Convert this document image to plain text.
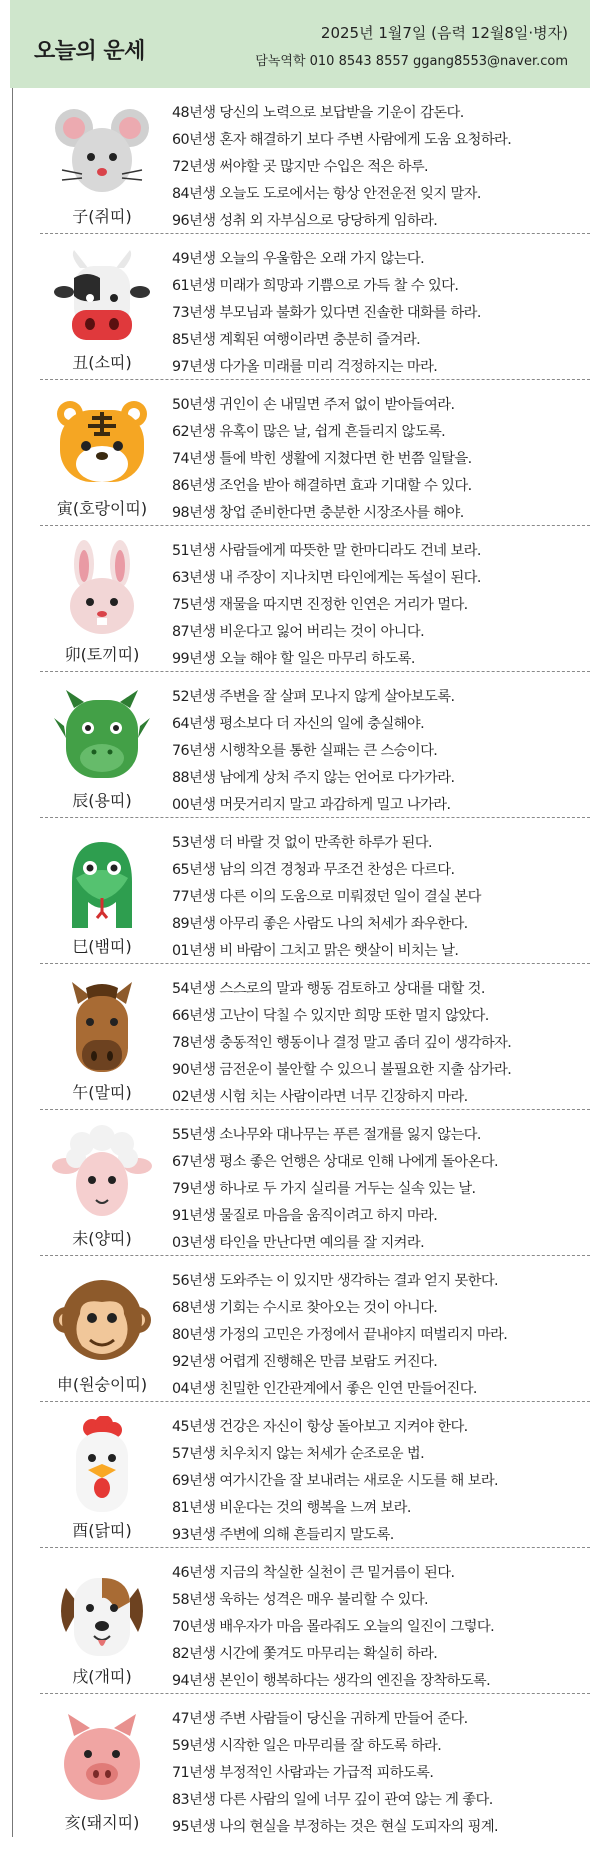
오늘의 운세
2025년 1월7일 (음력 12월8일·병자)
담녹역학 010 8543 8557 ggang8553@naver.com
子(쥐띠)
48년생 당신의 노력으로 보답받을 기운이 감돈다.
60년생 혼자 해결하기 보다 주변 사람에게 도움 요청하라.
72년생 써야할 곳 많지만 수입은 적은 하루.
84년생 오늘도 도로에서는 항상 안전운전 잊지 말자.
96년생 성취 외 자부심으로 당당하게 임하라.
丑(소띠)
49년생 오늘의 우울함은 오래 가지 않는다.
61년생 미래가 희망과 기쁨으로 가득 찰 수 있다.
73년생 부모님과 불화가 있다면 진솔한 대화를 하라.
85년생 계획된 여행이라면 충분히 즐겨라.
97년생 다가올 미래를 미리 걱정하지는 마라.
寅(호랑이띠)
50년생 귀인이 손 내밀면 주저 없이 받아들여라.
62년생 유혹이 많은 날, 쉽게 흔들리지 않도록.
74년생 틀에 박힌 생활에 지쳤다면 한 번쯤 일탈을.
86년생 조언을 받아 해결하면 효과 기대할 수 있다.
98년생 창업 준비한다면 충분한 시장조사를 해야.
卯(토끼띠)
51년생 사람들에게 따뜻한 말 한마디라도 건네 보라.
63년생 내 주장이 지나치면 타인에게는 독설이 된다.
75년생 재물을 따지면 진정한 인연은 거리가 멀다.
87년생 비운다고 잃어 버리는 것이 아니다.
99년생 오늘 해야 할 일은 마무리 하도록.
辰(용띠)
52년생 주변을 잘 살펴 모나지 않게 살아보도록.
64년생 평소보다 더 자신의 일에 충실해야.
76년생 시행착오를 통한 실패는 큰 스승이다.
88년생 남에게 상처 주지 않는 언어로 다가가라.
00년생 머뭇거리지 말고 과감하게 밀고 나가라.
巳(뱀띠)
53년생 더 바랄 것 없이 만족한 하루가 된다.
65년생 남의 의견 경청과 무조건 찬성은 다르다.
77년생 다른 이의 도움으로 미뤄졌던 일이 결실 본다
89년생 아무리 좋은 사람도 나의 처세가 좌우한다.
01년생 비 바람이 그치고 맑은 햇살이 비치는 날.
午(말띠)
54년생 스스로의 말과 행동 검토하고 상대를 대할 것.
66년생 고난이 닥칠 수 있지만 희망 또한 멀지 않았다.
78년생 충동적인 행동이나 결정 말고 좀더 깊이 생각하자.
90년생 금전운이 불안할 수 있으니 불필요한 지출 삼가라.
02년생 시험 치는 사람이라면 너무 긴장하지 마라.
未(양띠)
55년생 소나무와 대나무는 푸른 절개를 잃지 않는다.
67년생 평소 좋은 언행은 상대로 인해 나에게 돌아온다.
79년생 하나로 두 가지 실리를 거두는 실속 있는 날.
91년생 물질로 마음을 움직이려고 하지 마라.
03년생 타인을 만난다면 예의를 잘 지켜라.
申(원숭이띠)
56년생 도와주는 이 있지만 생각하는 결과 얻지 못한다.
68년생 기회는 수시로 찾아오는 것이 아니다.
80년생 가정의 고민은 가정에서 끝내야지 떠벌리지 마라.
92년생 어렵게 진행해온 만큼 보람도 커진다.
04년생 친밀한 인간관계에서 좋은 인연 만들어진다.
酉(닭띠)
45년생 건강은 자신이 항상 돌아보고 지켜야 한다.
57년생 치우치지 않는 처세가 순조로운 법.
69년생 여가시간을 잘 보내려는 새로운 시도를 해 보라.
81년생 비운다는 것의 행복을 느껴 보라.
93년생 주변에 의해 흔들리지 말도록.
戌(개띠)
46년생 지금의 착실한 실천이 큰 밑거름이 된다.
58년생 욱하는 성격은 매우 불리할 수 있다.
70년생 배우자가 마음 몰라줘도 오늘의 일진이 그렇다.
82년생 시간에 쫓겨도 마무리는 확실히 하라.
94년생 본인이 행복하다는 생각의 엔진을 장착하도록.
亥(돼지띠)
47년생 주변 사람들이 당신을 귀하게 만들어 준다.
59년생 시작한 일은 마무리를 잘 하도록 하라.
71년생 부정적인 사람과는 가급적 피하도록.
83년생 다른 사람의 일에 너무 깊이 관여 않는 게 좋다.
95년생 나의 현실을 부정하는 것은 현실 도피자의 핑계.
